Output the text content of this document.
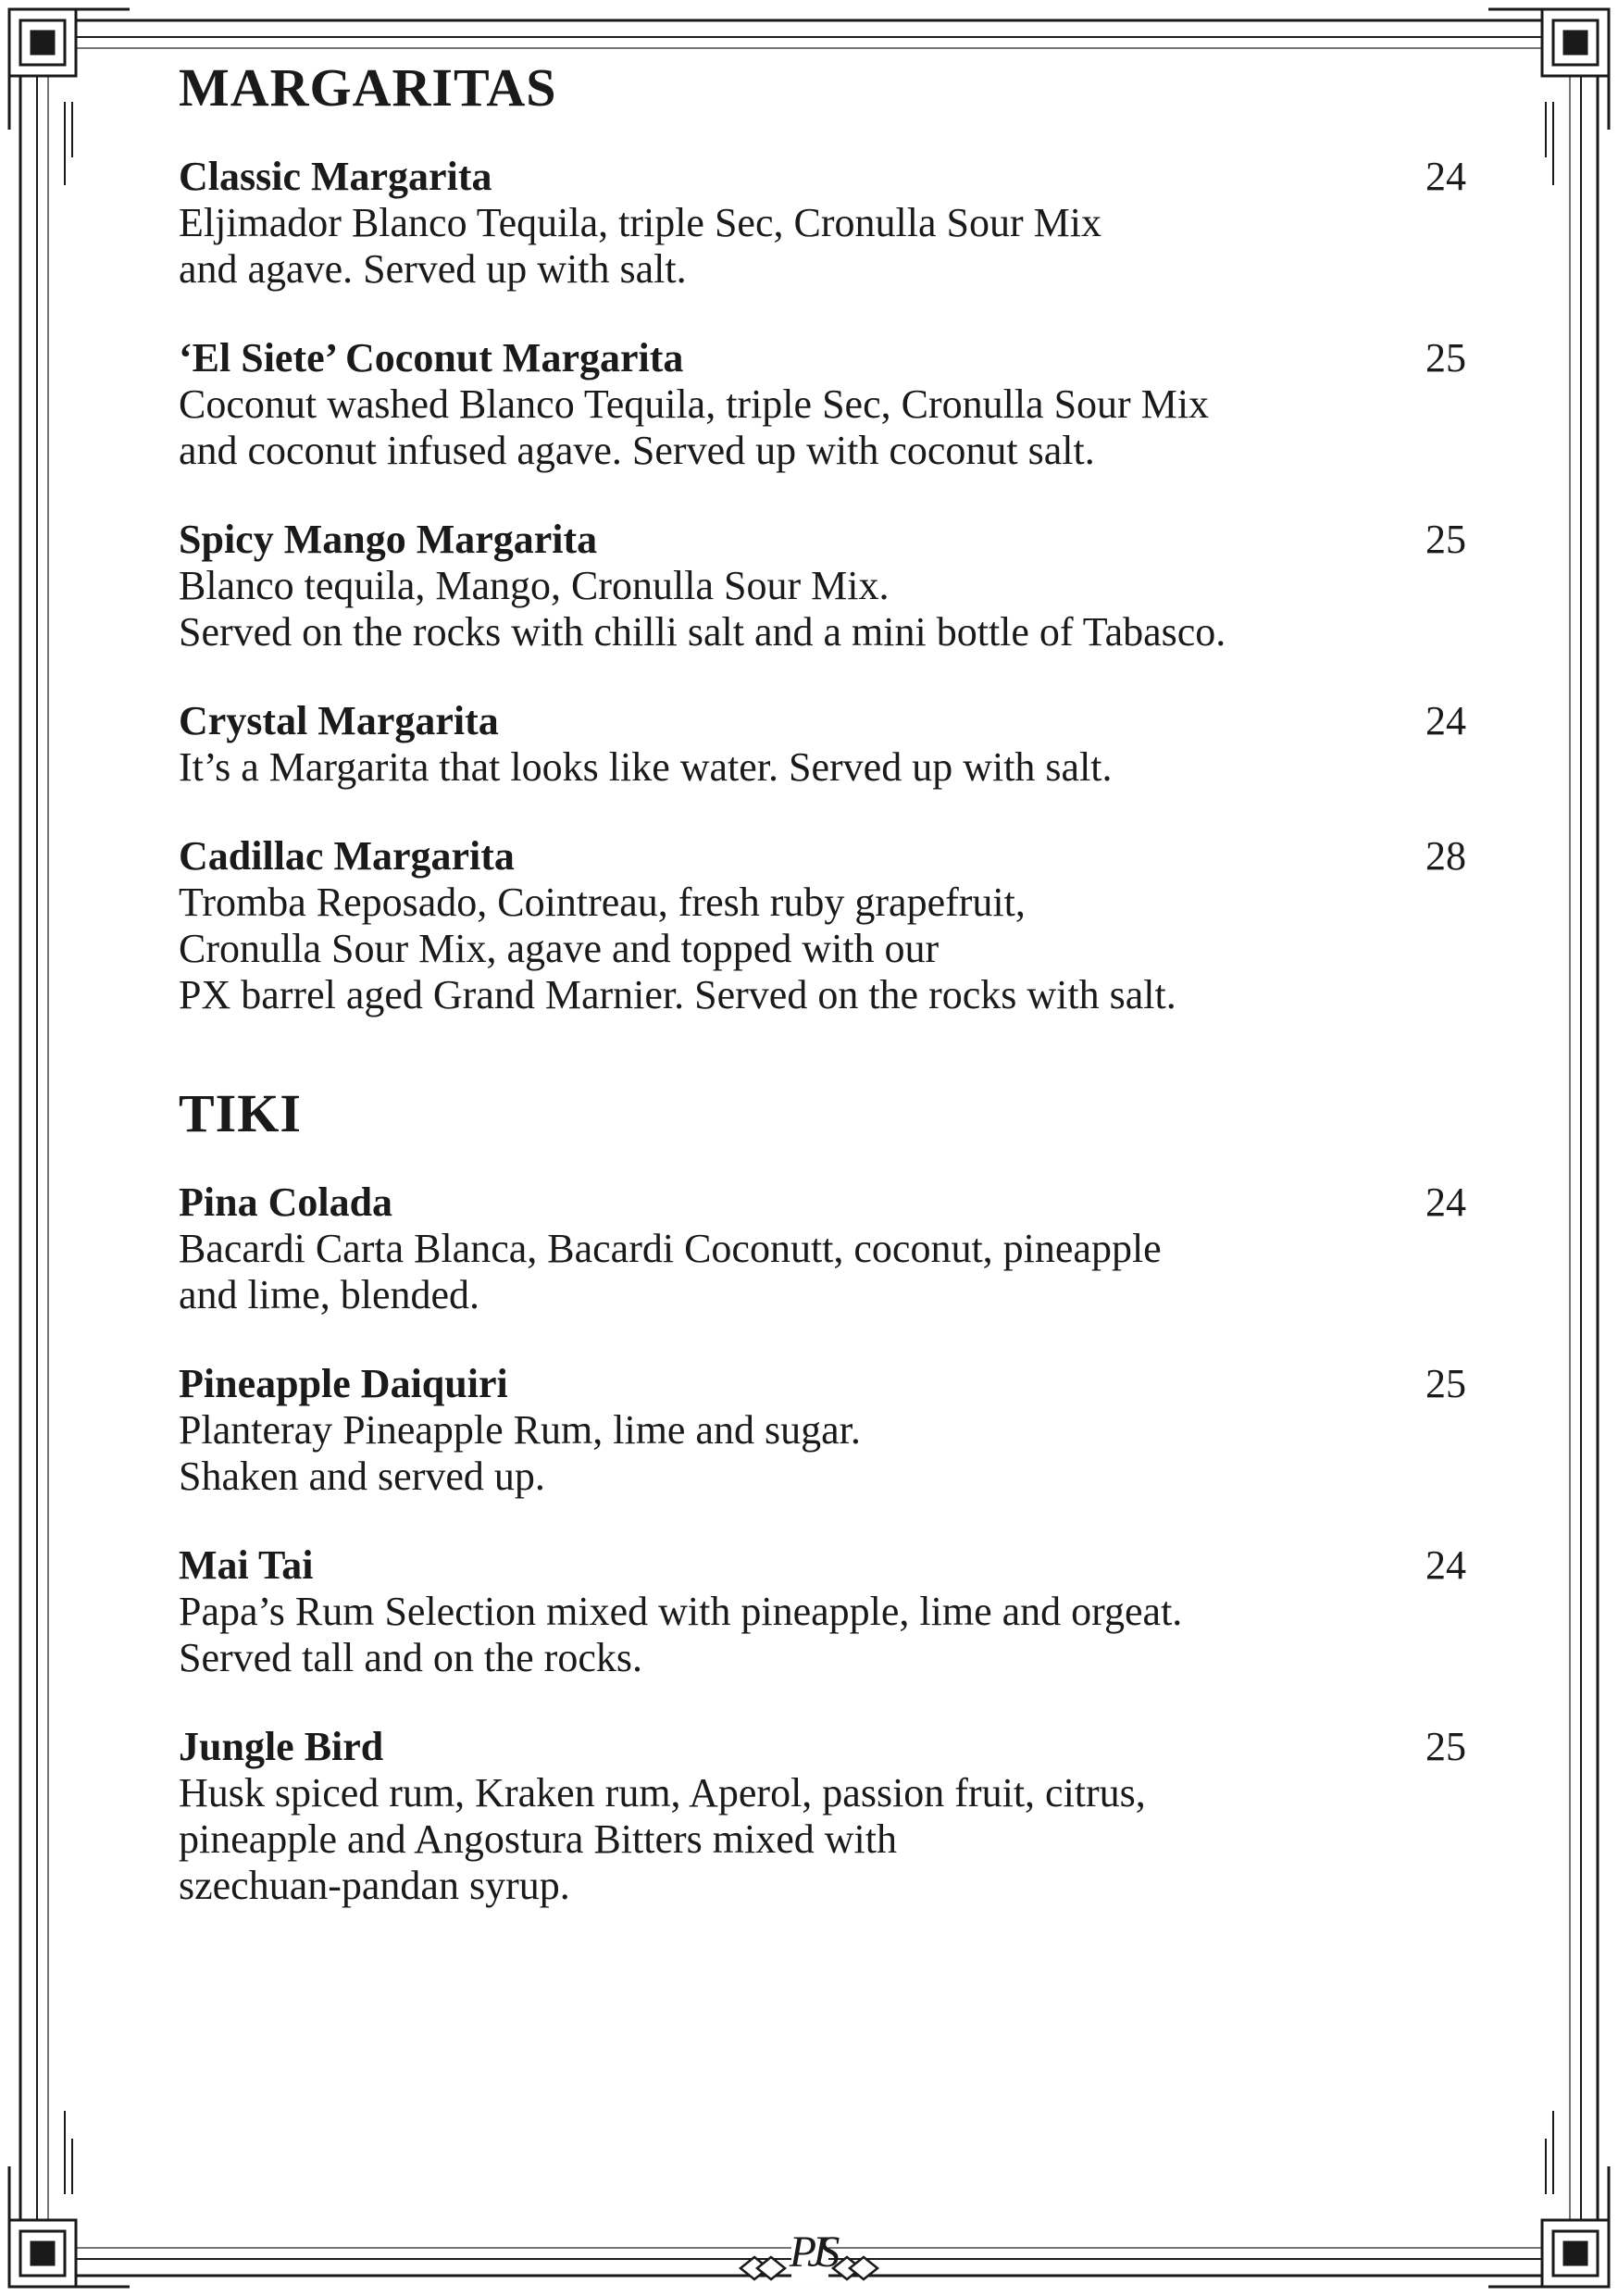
MARGARITAS
Classic Margarita	24
Eljimador Blanco Tequila, triple Sec, Cronulla Sour Mix
and agave. Served up with salt.
‘El Siete’ Coconut Margarita	25
Coconut washed Blanco Tequila, triple Sec, Cronulla Sour Mix
and coconut infused agave. Served up with coconut salt.
Spicy Mango Margarita	25
Blanco tequila, Mango, Cronulla Sour Mix.
Served on the rocks with chilli salt and a mini bottle of Tabasco.
Crystal Margarita	24
It’s a Margarita that looks like water. Served up with salt.
Cadillac Margarita	28
Tromba Reposado, Cointreau, fresh ruby grapefruit,
Cronulla Sour Mix, agave and topped with our
PX barrel aged Grand Marnier. Served on the rocks with salt.
TIKI
Pina Colada	24
Bacardi Carta Blanca, Bacardi Coconutt, coconut, pineapple
and lime, blended.
Pineapple Daiquiri	25
Planteray Pineapple Rum, lime and sugar.
Shaken and served up.
Mai Tai	24
Papa’s Rum Selection mixed with pineapple, lime and orgeat.
Served tall and on the rocks.
Jungle Bird	25
Husk spiced rum, Kraken rum, Aperol, passion fruit, citrus,
pineapple and Angostura Bitters mixed with
szechuan-pandan syrup.
PJS
